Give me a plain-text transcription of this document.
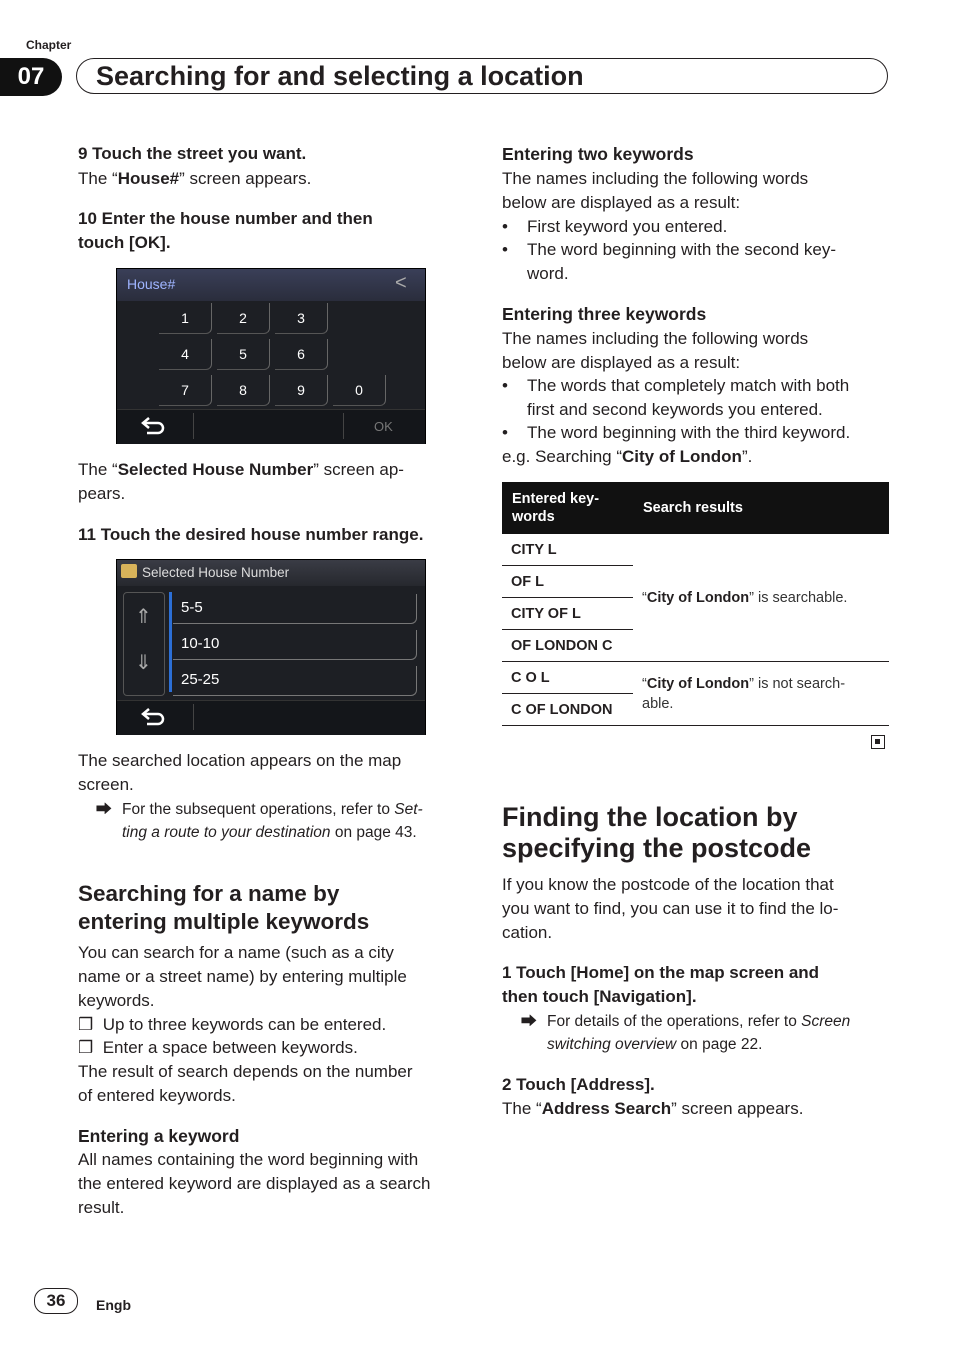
Chapter
07	Searching for and selecting a location
9 Touch the street you want.
The “House#” screen appears.
10 Enter the house number and then
touch [OK].
House#	<
1	2	3
4	5	6
7	8	9	0
OK
The “Selected House Number” screen ap-
pears.
11 Touch the desired house number range.
Selected House Number
⇑
⇓
5-5
10-10
25-25
The searched location appears on the map
screen.
⮕ For the subsequent operations, refer to Set-
ting a route to your destination on page 43.
Searching for a name by
entering multiple keywords
You can search for a name (such as a city
name or a street name) by entering multiple
keywords.
❒ Up to three keywords can be entered.
❒ Enter a space between keywords.
The result of search depends on the number
of entered keywords.
Entering a keyword
All names containing the word beginning with
the entered keyword are displayed as a search
result.
Entering two keywords
The names including the following words
below are displayed as a result:
• First keyword you entered.
• The word beginning with the second key-
word.
Entering three keywords
The names including the following words
below are displayed as a result:
• The words that completely match with both
first and second keywords you entered.
• The word beginning with the third keyword.
e.g. Searching “City of London”.
Entered key- words	Search results
CITY L	“City of London” is searchable.
OF L	
CITY OF L	
OF LONDON C	
C O L	“City of London” is not search- able.
C OF LONDON	
Finding the location by
specifying the postcode
If you know the postcode of the location that
you want to find, you can use it to find the lo-
cation.
1 Touch [Home] on the map screen and
then touch [Navigation].
⮕ For details of the operations, refer to Screen
switching overview on page 22.
2 Touch [Address].
The “Address Search” screen appears.
36	Engb
